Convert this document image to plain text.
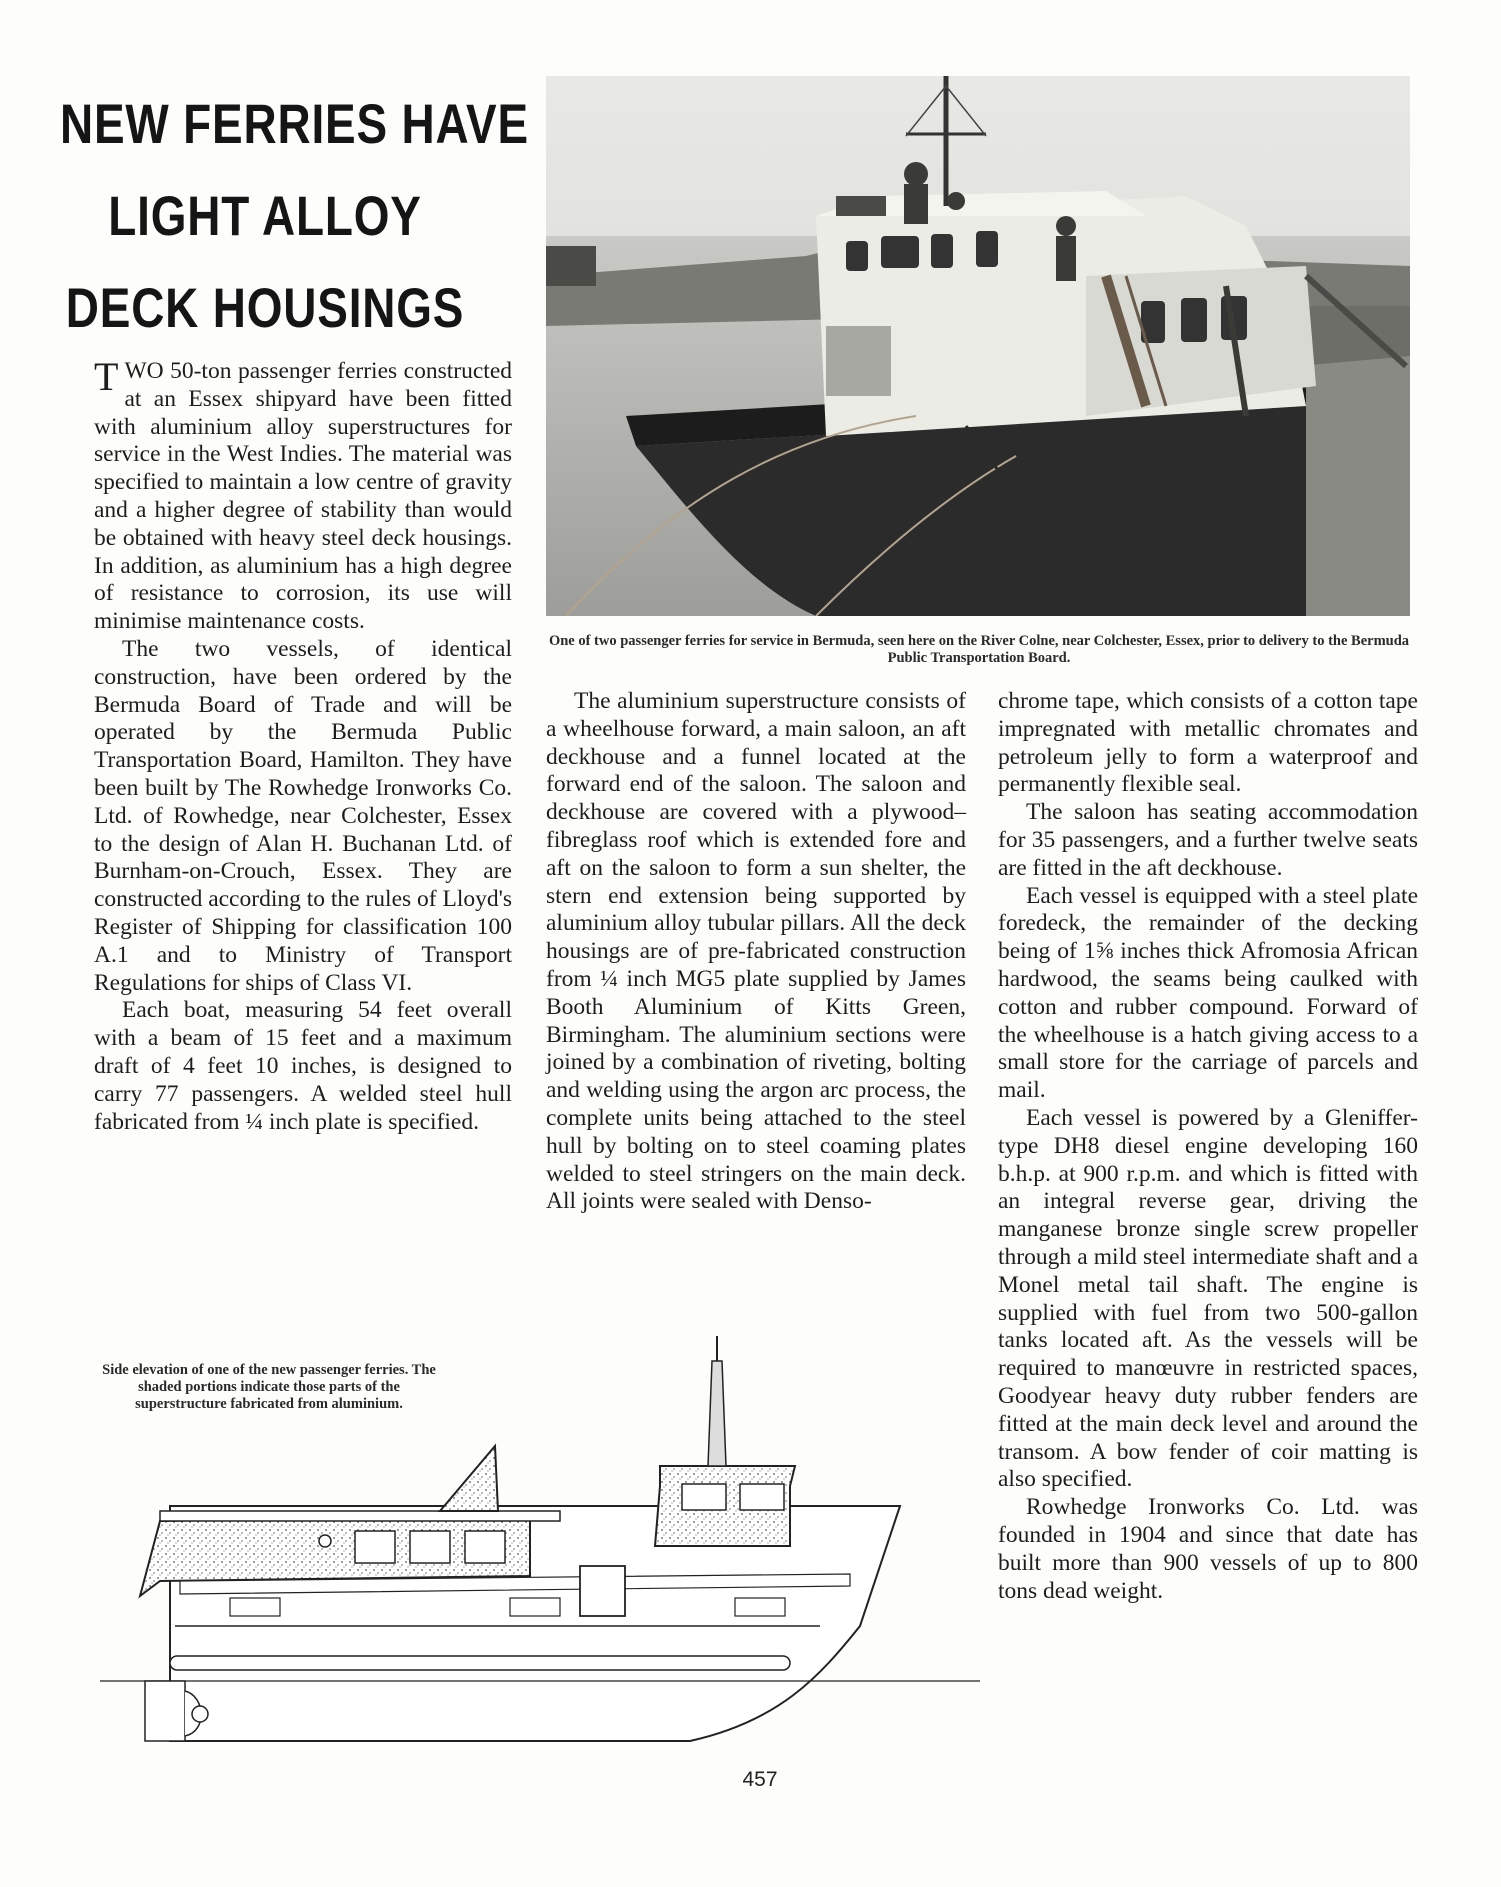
NEW FERRIES HAVE
LIGHT ALLOY
DECK HOUSINGS

TWO 50-ton passenger ferries constructed at an Essex shipyard have been fitted with aluminium alloy superstructures for service in the West Indies. The material was specified to maintain a low centre of gravity and a higher degree of stability than would be obtained with heavy steel deck housings. In addition, as aluminium has a high degree of resistance to corrosion, its use will minimise maintenance costs.

The two vessels, of identical construction, have been ordered by the Bermuda Board of Trade and will be operated by the Bermuda Public Transportation Board, Hamilton. They have been built by The Rowhedge Ironworks Co. Ltd. of Rowhedge, near Colchester, Essex to the design of Alan H. Buchanan Ltd. of Burnham-on-Crouch, Essex. They are constructed according to the rules of Lloyd's Register of Shipping for classification 100 A.1 and to Ministry of Transport Regulations for ships of Class VI.

Each boat, measuring 54 feet overall with a beam of 15 feet and a maximum draft of 4 feet 10 inches, is designed to carry 77 passengers. A welded steel hull fabricated from ¼ inch plate is specified.

One of two passenger ferries for service in Bermuda, seen here on the River Colne, near Colchester, Essex, prior to delivery to the Bermuda Public Transportation Board.

The aluminium superstructure consists of a wheelhouse forward, a main saloon, an aft deckhouse and a funnel located at the forward end of the saloon. The saloon and deckhouse are covered with a plywood–fibreglass roof which is extended fore and aft on the saloon to form a sun shelter, the stern end extension being supported by aluminium alloy tubular pillars. All the deck housings are of pre-fabricated construction from ¼ inch MG5 plate supplied by James Booth Aluminium of Kitts Green, Birmingham. The aluminium sections were joined by a combination of riveting, bolting and welding using the argon arc process, the complete units being attached to the steel hull by bolting on to steel coaming plates welded to steel stringers on the main deck. All joints were sealed with Denso-

chrome tape, which consists of a cotton tape impregnated with metallic chromates and petroleum jelly to form a waterproof and permanently flexible seal.

The saloon has seating accommodation for 35 passengers, and a further twelve seats are fitted in the aft deckhouse.

Each vessel is equipped with a steel plate foredeck, the remainder of the decking being of 1⅝ inches thick Afromosia African hardwood, the seams being caulked with cotton and rubber compound. Forward of the wheelhouse is a hatch giving access to a small store for the carriage of parcels and mail.

Each vessel is powered by a Gleniffer-type DH8 diesel engine developing 160 b.h.p. at 900 r.p.m. and which is fitted with an integral reverse gear, driving the manganese bronze single screw propeller through a mild steel intermediate shaft and a Monel metal tail shaft. The engine is supplied with fuel from two 500-gallon tanks located aft. As the vessels will be required to manœuvre in restricted spaces, Goodyear heavy duty rubber fenders are fitted at the main deck level and around the transom. A bow fender of coir matting is also specified.

Rowhedge Ironworks Co. Ltd. was founded in 1904 and since that date has built more than 900 vessels of up to 800 tons dead weight.

Side elevation of one of the new passenger ferries. The shaded portions indicate those parts of the superstructure fabricated from aluminium.
457
